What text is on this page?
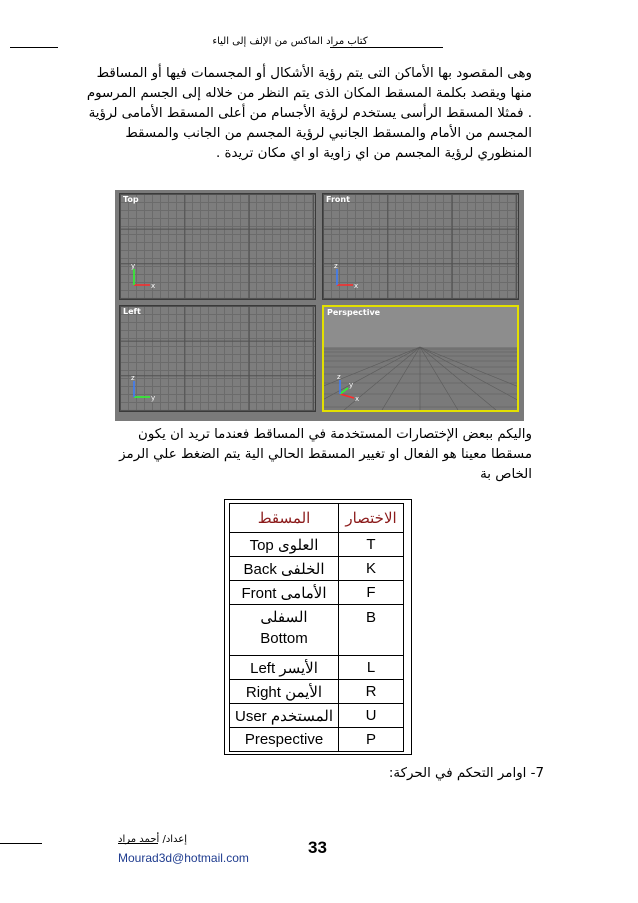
كتاب مراد الماكس من الإلف إلى الياء
وهى المقصود بها الأماكن التى يتم رؤية الأشكال أو المجسمات فيها أو المساقط
منها ويقصد بكلمة المسقط المكان الذى يتم النظر من خلاله إلى الجسم المرسوم
. فمثلا المسقط الرأسى يستخدم لرؤية الأجسام من أعلى المسقط الأمامى لرؤية
المجسم من الأمام والمسقط الجانبي لرؤية المجسم من الجانب والمسقط
المنظوري لرؤية المجسم من اي زاوية او اي مكان تريدة .
Top
x
y
Front
x
z
Left
y
z
Perspective
x
y
z
واليكم ببعض الإختصارات المستخدمة في المساقط فعندما تريد ان يكون
مسقطا معينا هو الفعال او تغيير المسقط الحالي الية يتم الضغط علي الرمز
الخاص بة
المسقط	الاختصار
Top العلوى	T
Back الخلفى	K
Front الأمامى	F

السفلى
Bottom	B
Left الأيسر	L
Right الأيمن	R
User المستخدم	U
Prespective	P
7- اوامر التحكم في الحركة:
إعداد/ أحمد مراد
Mourad3d@hotmail.com
33
